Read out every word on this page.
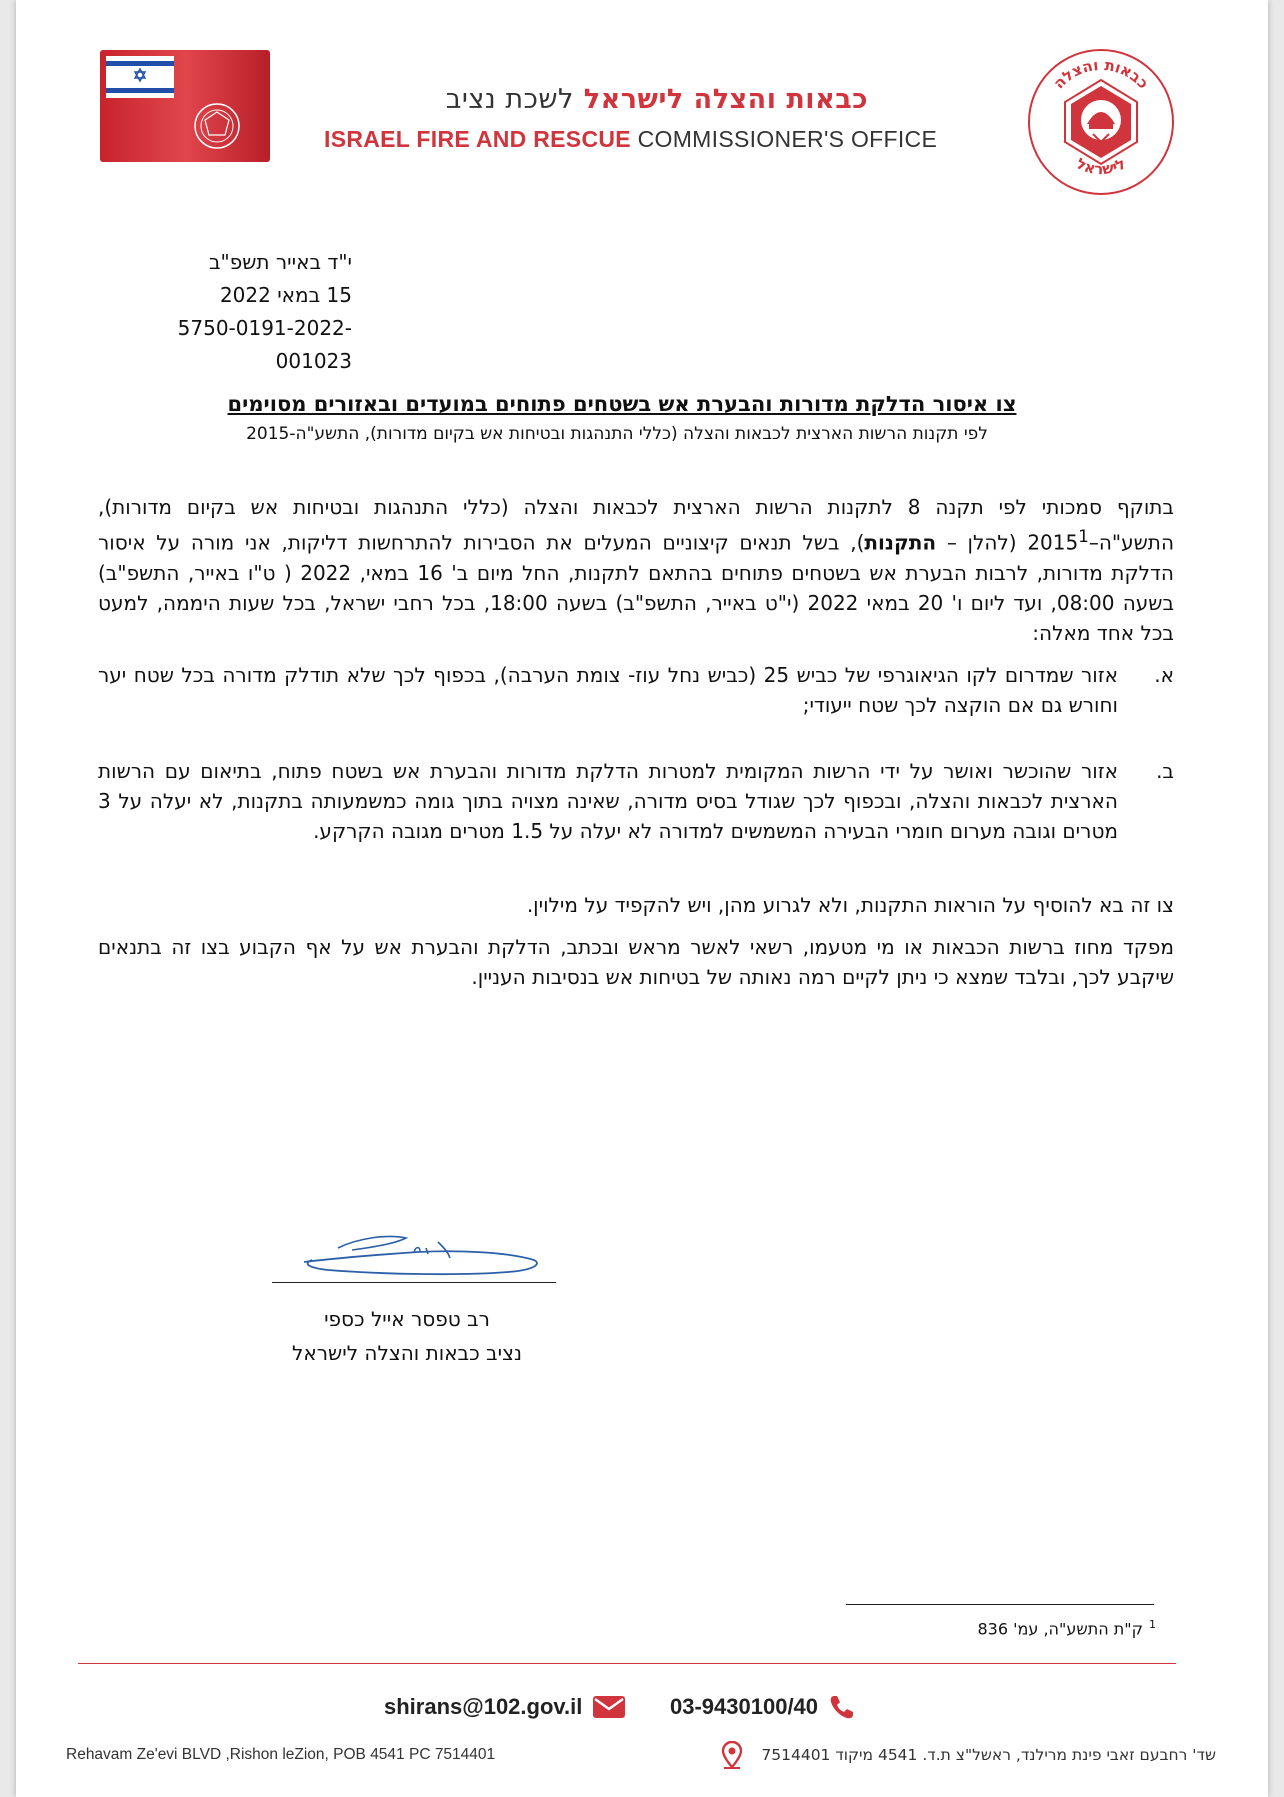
כבאות והצלה לישראל לשכת נציב
ISRAEL FIRE AND RESCUE COMMISSIONER'S OFFICE
כבאות והצלה
לישראל
י"ד באייר תשפ"ב
15 במאי 2022
5750-0191-2022-001023
צו איסור הדלקת מדורות והבערת אש בשטחים פתוחים במועדים ובאזורים מסוימים
לפי תקנות הרשות הארצית לכבאות והצלה (כללי התנהגות ובטיחות אש בקיום מדורות), התשע"ה-2015

בתוקף סמכותי לפי תקנה 8 לתקנות הרשות הארצית לכבאות והצלה (כללי התנהגות ובטיחות אש בקיום מדורות), התשע"ה–2015$^1$ (להלן – התקנות), בשל תנאים קיצוניים המעלים את הסבירות להתרחשות דליקות, אני מורה על איסור הדלקת מדורות, לרבות הבערת אש בשטחים פתוחים בהתאם לתקנות, החל מיום ב' 16 במאי, 2022 ( ט"ו באייר, התשפ"ב) בשעה 08:00, ועד ליום ו' 20 במאי 2022 (י"ט באייר, התשפ"ב) בשעה 18:00, בכל רחבי ישראל, בכל שעות היממה, למעט בכל אחד מאלה:

א.
אזור שמדרום לקו הגיאוגרפי של כביש 25 (כביש נחל עוז- צומת הערבה), בכפוף לכך שלא תודלק מדורה בכל שטח יער וחורש גם אם הוקצה לכך שטח ייעודי;
ב.
אזור שהוכשר ואושר על ידי הרשות המקומית למטרות הדלקת מדורות והבערת אש בשטח פתוח, בתיאום עם הרשות הארצית לכבאות והצלה, ובכפוף לכך שגודל בסיס מדורה, שאינה מצויה בתוך גומה כמשמעותה בתקנות, לא יעלה על 3 מטרים וגובה מערום חומרי הבעירה המשמשים למדורה לא יעלה על 1.5 מטרים מגובה הקרקע.

צו זה בא להוסיף על הוראות התקנות, ולא לגרוע מהן, ויש להקפיד על מילוין.

מפקד מחוז ברשות הכבאות או מי מטעמו, רשאי לאשר מראש ובכתב, הדלקת והבערת אש על אף הקבוע בצו זה בתנאים שיקבע לכך, ובלבד שמצא כי ניתן לקיים רמה נאותה של בטיחות אש בנסיבות העניין.

רב טפסר אייל כספי
נציב כבאות והצלה לישראל
$^1$ק"ת התשע"ה, עמ' 836
shirans@102.gov.il	03-9430100/40
Rehavam Ze'evi BLVD ,Rishon leZion, POB 4541 PC 7514401	שד' רחבעם זאבי פינת מרילנד, ראשל"צ ת.ד. 4541 מיקוד 7514401
